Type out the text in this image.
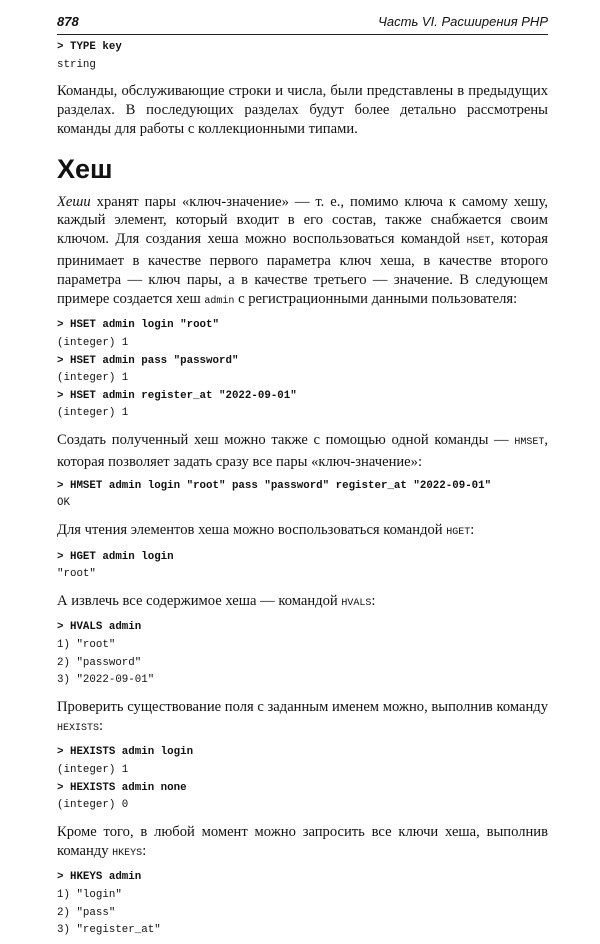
878	Часть VI. Расширения PHP
> TYPE key
string

Команды, обслуживающие строки и числа, были представлены в предыдущих разделах. В последующих разделах будут более детально рассмотрены команды для работы с коллекционными типами.

Хеш

Хеши хранят пары «ключ-значение» — т. е., помимо ключа к самому хешу, каждый элемент, который входит в его состав, также снабжается своим ключом. Для создания хеша можно воспользоваться командой HSET, которая принимает в качестве первого параметра ключ хеша, в качестве второго параметра — ключ пары, а в качестве третьего — значение. В следующем примере создается хеш admin с регистрационными данными пользователя:

> HSET admin login "root"
(integer) 1
> HSET admin pass "password"
(integer) 1
> HSET admin register_at "2022-09-01"
(integer) 1

Создать полученный хеш можно также с помощью одной команды — HMSET, которая позволяет задать сразу все пары «ключ-значение»:

> HMSET admin login "root" pass "password" register_at "2022-09-01"
OK

Для чтения элементов хеша можно воспользоваться командой HGET:

> HGET admin login
"root"

А извлечь все содержимое хеша — командой HVALS:

> HVALS admin
1) "root"
2) "password"
3) "2022-09-01"

Проверить существование поля с заданным именем можно, выполнив команду HEXISTS:

> HEXISTS admin login
(integer) 1
> HEXISTS admin none
(integer) 0

Кроме того, в любой момент можно запросить все ключи хеша, выполнив команду HKEYS:

> HKEYS admin
1) "login"
2) "pass"
3) "register_at"
